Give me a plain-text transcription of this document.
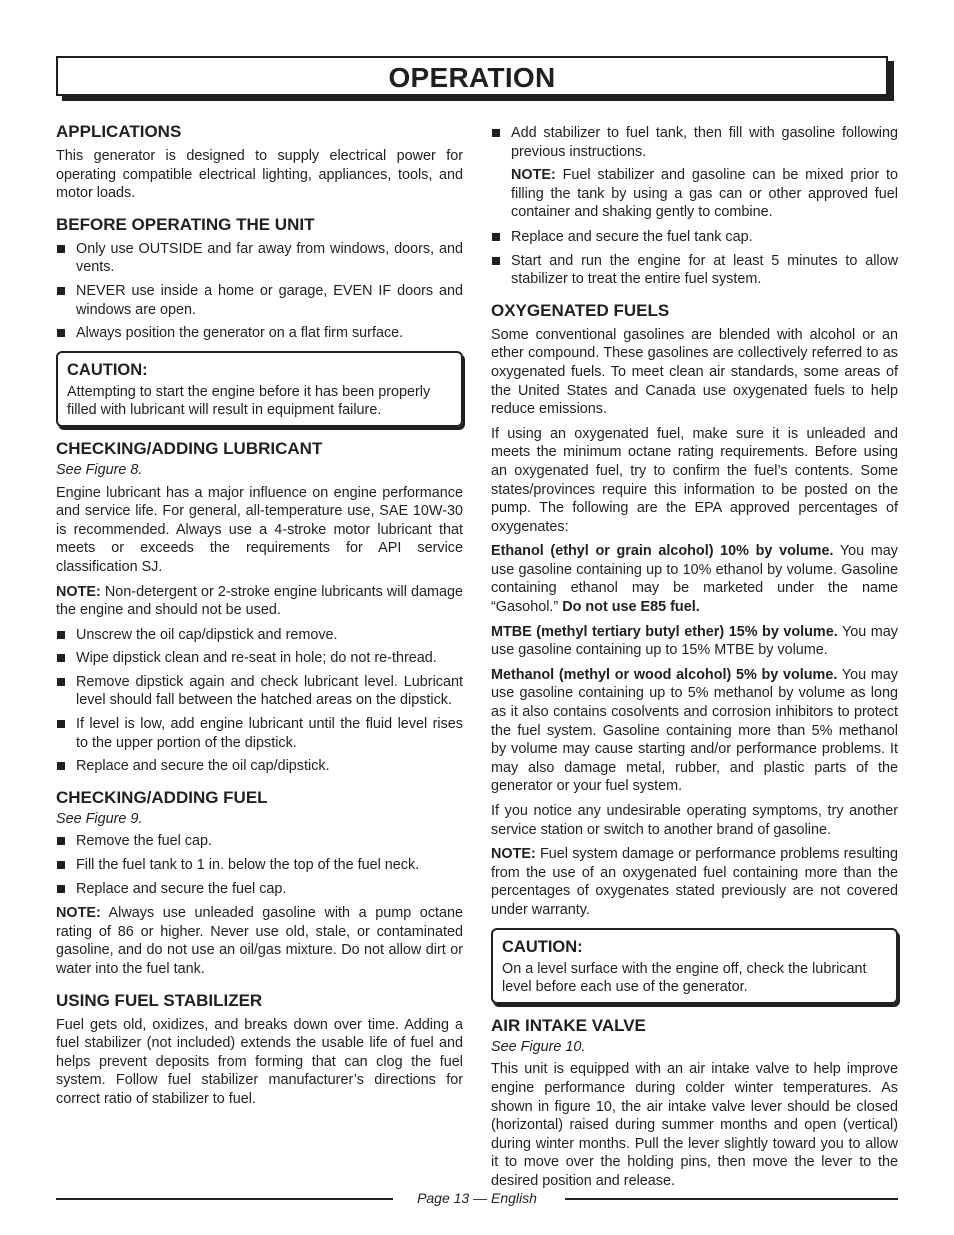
OPERATION
APPLICATIONS

This generator is designed to supply electrical power for operating compatible electrical lighting, appliances, tools, and motor loads.

BEFORE OPERATING THE UNIT
Only use OUTSIDE and far away from windows, doors, and vents.
NEVER use inside a home or garage, EVEN IF doors and windows are open.
Always position the generator on a flat firm surface.
CAUTION:

Attempting to start the engine before it has been properly filled with lubricant will result in equipment failure.

CHECKING/ADDING LUBRICANT

See Figure 8.

Engine lubricant has a major influence on engine performance and service life. For general, all-temperature use, SAE 10W-30 is recommended. Always use a 4-stroke motor lubricant that meets or exceeds the requirements for API service classification SJ.

NOTE: Non-detergent or 2-stroke engine lubricants will damage the engine and should not be used.

Unscrew the oil cap/dipstick and remove.
Wipe dipstick clean and re-seat in hole; do not re-thread.
Remove dipstick again and check lubricant level. Lubricant level should fall between the hatched areas on the dipstick.
If level is low, add engine lubricant until the fluid level rises to the upper portion of the dipstick.
Replace and secure the oil cap/dipstick.
CHECKING/ADDING FUEL

See Figure 9.

Remove the fuel cap.
Fill the fuel tank to 1 in. below the top of the fuel neck.
Replace and secure the fuel cap.

NOTE: Always use unleaded gasoline with a pump octane rating of 86 or higher. Never use old, stale, or contaminated gasoline, and do not use an oil/gas mixture. Do not allow dirt or water into the fuel tank.

USING FUEL STABILIZER

Fuel gets old, oxidizes, and breaks down over time. Adding a fuel stabilizer (not included) extends the usable life of fuel and helps prevent deposits from forming that can clog the fuel system. Follow fuel stabilizer manufacturer’s directions for correct ratio of stabilizer to fuel.

Add stabilizer to fuel tank, then fill with gasoline following previous instructions.

NOTE: Fuel stabilizer and gasoline can be mixed prior to filling the tank by using a gas can or other approved fuel container and shaking gently to combine.

Replace and secure the fuel tank cap.
Start and run the engine for at least 5 minutes to allow stabilizer to treat the entire fuel system.
OXYGENATED FUELS

Some conventional gasolines are blended with alcohol or an ether compound. These gasolines are collectively referred to as oxygenated fuels. To meet clean air standards, some areas of the United States and Canada use oxygenated fuels to help reduce emissions.

If using an oxygenated fuel, make sure it is unleaded and meets the minimum octane rating requirements. Before using an oxygenated fuel, try to confirm the fuel’s contents. Some states/provinces require this information to be posted on the pump. The following are the EPA approved percentages of oxygenates:

Ethanol (ethyl or grain alcohol) 10% by volume. You may use gasoline containing up to 10% ethanol by volume. Gasoline containing ethanol may be marketed under the name “Gasohol.” Do not use E85 fuel.

MTBE (methyl tertiary butyl ether) 15% by volume. You may use gasoline containing up to 15% MTBE by volume.

Methanol (methyl or wood alcohol) 5% by volume. You may use gasoline containing up to 5% methanol by volume as long as it also contains cosolvents and corrosion inhibitors to protect the fuel system. Gasoline containing more than 5% methanol by volume may cause starting and/or performance problems. It may also damage metal, rubber, and plastic parts of the generator or your fuel system.

If you notice any undesirable operating symptoms, try another service station or switch to another brand of gasoline.

NOTE: Fuel system damage or performance problems resulting from the use of an oxygenated fuel containing more than the percentages of oxygenates stated previously are not covered under warranty.

CAUTION:

On a level surface with the engine off, check the lubricant level before each use of the generator.

AIR INTAKE VALVE

See Figure 10.

This unit is equipped with an air intake valve to help improve engine performance during colder winter temperatures. As shown in figure 10, the air intake valve lever should be closed (horizontal) raised during summer months and open (vertical) during winter months. Pull the lever slightly toward you to allow it to move over the holding pins, then move the lever to the desired position and release.

Page 13 — English
